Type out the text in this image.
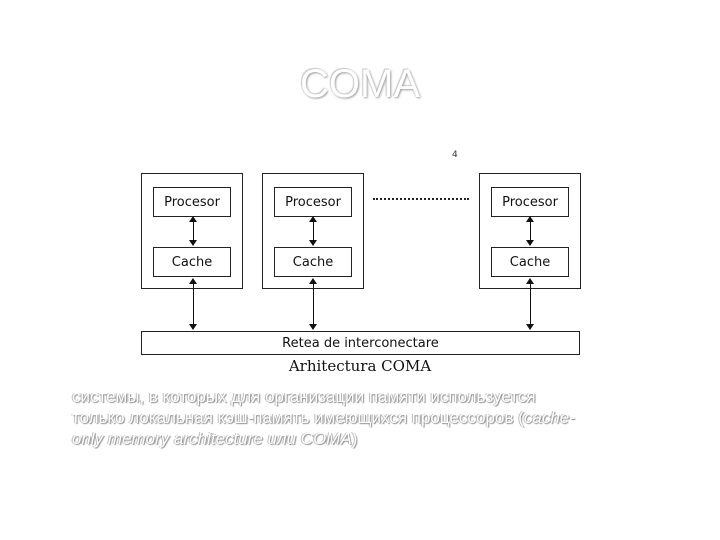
COMA
4
Procesor
Cache
Procesor
Cache
Procesor
Cache
Retea de interconectare
Arhitectura COMA
системы, в которых для организации памяти используется
только локальная кэш-память имеющихся процессоров (cache-
only memory architecture или COMA)
